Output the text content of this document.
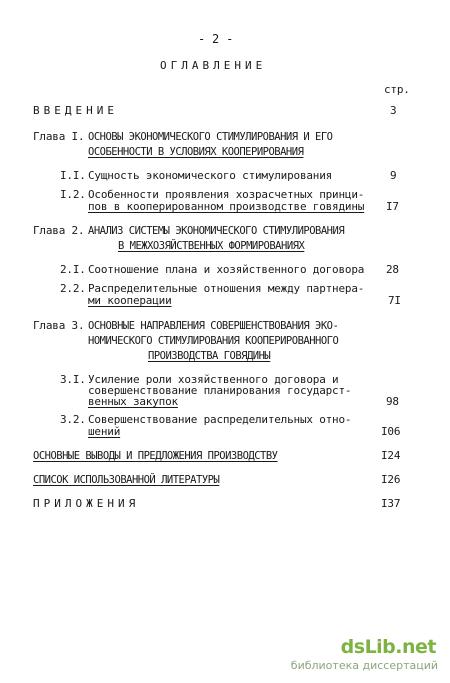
- 2 -
ОГЛАВЛЕНИЕ
стр.
ВВЕДЕНИЕ	3
Глава I. ОСНОВЫ ЭКОНОМИЧЕСКОГО СТИМУЛИРОВАНИЯ И ЕГО
ОСОБЕННОСТИ В УСЛОВИЯХ КООПЕРИРОВАНИЯ
I.I. Сущность экономического стимулирования	9
I.2. Особенности проявления хозрасчетных принци-
пов в кооперированном производстве говядины I7
Глава 2. АНАЛИЗ СИСТЕМЫ ЭКОНОМИЧЕСКОГО СТИМУЛИРОВАНИЯ
В МЕЖХОЗЯЙСТВЕННЫХ ФОРМИРОВАНИЯХ
2.I. Соотношение плана и хозяйственного договора 28
2.2. Распределительные отношения между партнера-
ми кооперации	7I
Глава 3. ОСНОВНЫЕ НАПРАВЛЕНИЯ СОВЕРШЕНСТВОВАНИЯ ЭКО-
НОМИЧЕСКОГО СТИМУЛИРОВАНИЯ КООПЕРИРОВАННОГО
ПРОИЗВОДСТВА ГОВЯДИНЫ
3.I. Усиление роли хозяйственного договора и
совершенствование планирования государст-
венных закупок	98
3.2. Совершенствование распределительных отно-
шений	I06
ОСНОВНЫЕ ВЫВОДЫ И ПРЕДЛОЖЕНИЯ ПРОИЗВОДСТВУ	I24
СПИСОК ИСПОЛЬЗОВАННОЙ ЛИТЕРАТУРЫ	I26
ПРИЛОЖЕНИЯ	I37
dsLib.net
библиотека диссертаций
